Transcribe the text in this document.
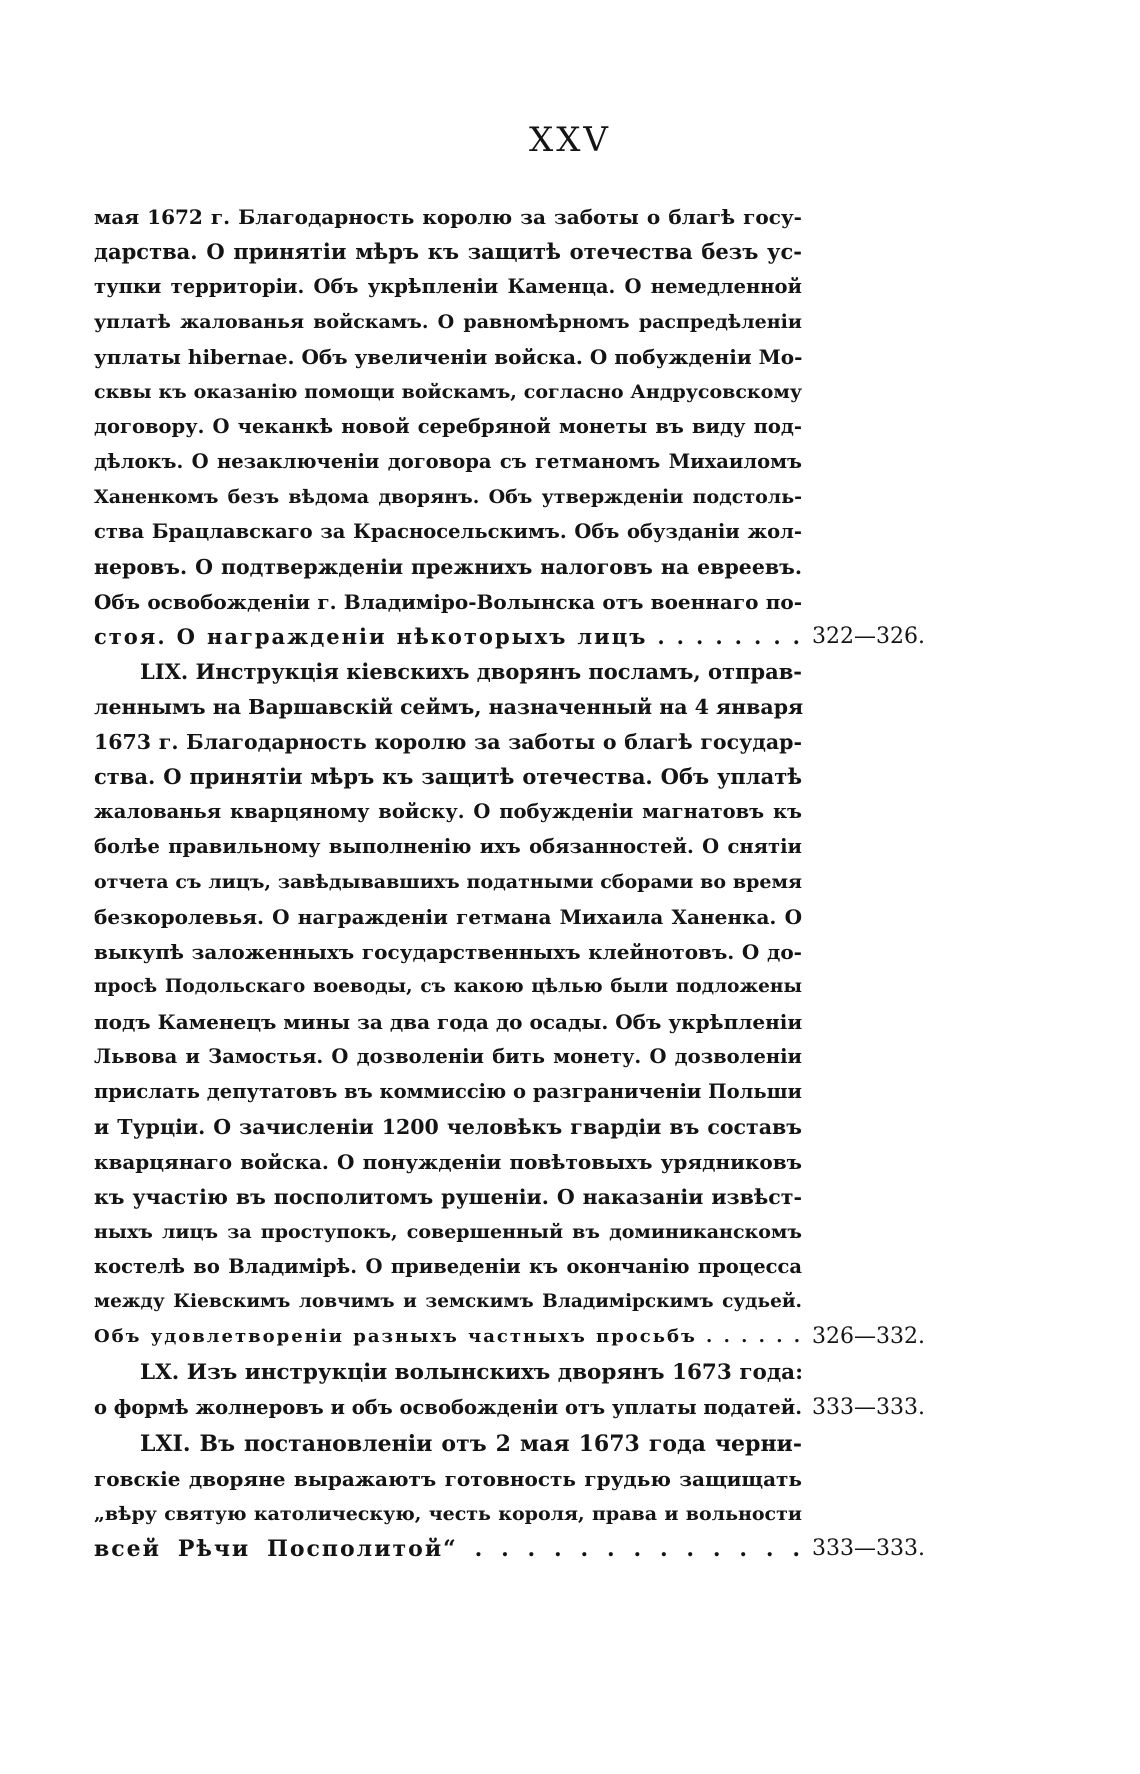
XXV
мая 1672 г. Благодарность королю за заботы о благѣ госу-
дарства. О принятіи мѣръ къ защитѣ отечества безъ ус-
тупки территоріи. Объ укрѣпленіи Каменца. О немедленной
уплатѣ жалованья войскамъ. О равномѣрномъ распредѣленіи
уплаты hibernae. Объ увеличеніи войска. О побужденіи Мо-
сквы къ оказанію помощи войскамъ, согласно Андрусовскому
договору. О чеканкѣ новой серебряной монеты въ виду под-
дѣлокъ. О незаключеніи договора съ гетманомъ Михаиломъ
Ханенкомъ безъ вѣдома дворянъ. Объ утвержденіи подстоль-
ства Брацлавскаго за Красносельскимъ. Объ обузданіи жол-
неровъ. О подтвержденіи прежнихъ налоговъ на евреевъ.
Объ освобожденіи г. Владиміро-Волынска отъ военнаго по-
стоя. О награжденіи нѣкоторыхъ лицъ . . . . . . . .
LIX. Инструкція кіевскихъ дворянъ посламъ, отправ-
леннымъ на Варшавскій сеймъ, назначенный на 4 января
1673 г. Благодарность королю за заботы о благѣ государ-
ства. О принятіи мѣръ къ защитѣ отечества. Объ уплатѣ
жалованья кварцяному войску. О побужденіи магнатовъ къ
болѣе правильному выполненію ихъ обязанностей. О снятіи
отчета съ лицъ, завѣдывавшихъ податными сборами во время
безкоролевья. О награжденіи гетмана Михаила Ханенка. О
выкупѣ заложенныхъ государственныхъ клейнотовъ. О до-
просѣ Подольскаго воеводы, съ какою цѣлью были подложены
подъ Каменецъ мины за два года до осады. Объ укрѣпленіи
Львова и Замостья. О дозволеніи бить монету. О дозволеніи
прислать депутатовъ въ коммиссію о разграниченіи Польши
и Турціи. О зачисленіи 1200 человѣкъ гвардіи въ составъ
кварцянаго войска. О понужденіи повѣтовыхъ урядниковъ
къ участію въ посполитомъ рушеніи. О наказаніи извѣст-
ныхъ лицъ за проступокъ, совершенный въ доминиканскомъ
костелѣ во Владимірѣ. О приведеніи къ окончанію процесса
между Кіевскимъ ловчимъ и земскимъ Владимірскимъ судьей.
Объ удовлетвореніи разныхъ частныхъ просьбъ . . . . . .
LX. Изъ инструкціи волынскихъ дворянъ 1673 года:
о формѣ жолнеровъ и объ освобожденіи отъ уплаты податей.
LXI. Въ постановленіи отъ 2 мая 1673 года черни-
говскіе дворяне выражаютъ готовность грудью защищать
„вѣру святую католическую, честь короля, права и вольности
всей Рѣчи Посполитой“ . . . . . . . . . . . . .
322—326.
326—332.
333—333.
333—333.
